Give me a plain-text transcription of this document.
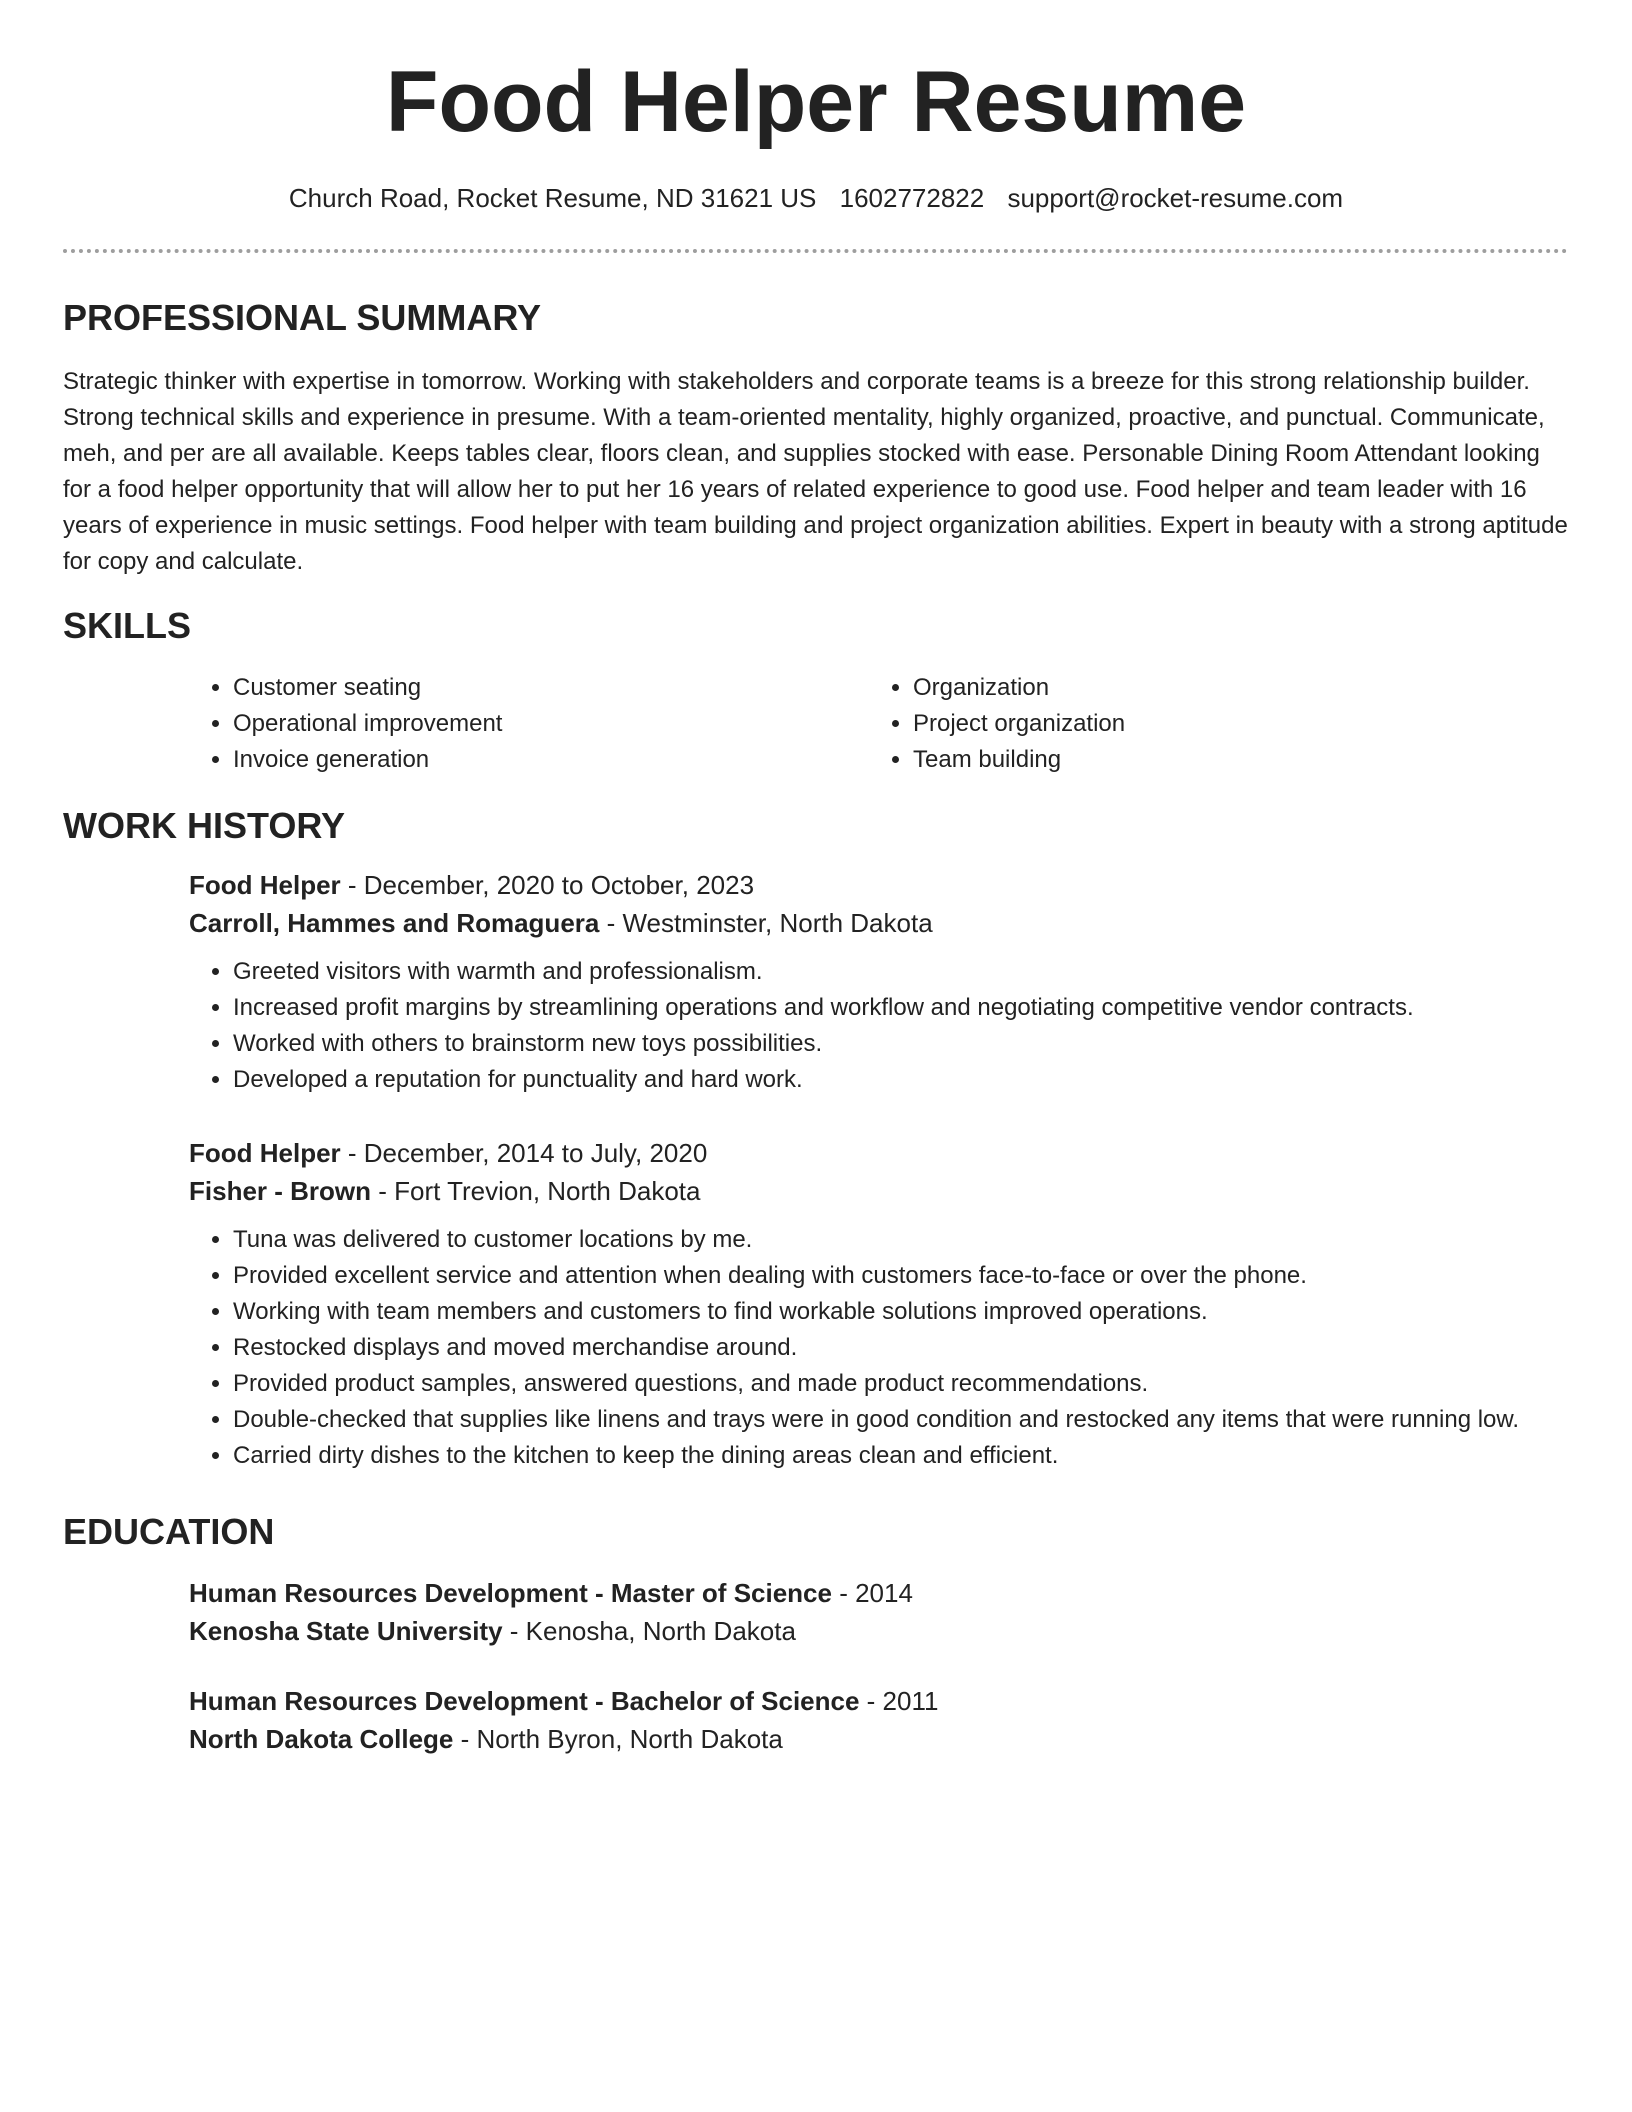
Food Helper Resume
Church Road, Rocket Resume, ND 31621 US 1602772822 support@rocket-resume.com
PROFESSIONAL SUMMARY

Strategic thinker with expertise in tomorrow. Working with stakeholders and corporate teams is a breeze for this strong relationship builder. Strong technical skills and experience in presume. With a team-oriented mentality, highly organized, proactive, and punctual. Communicate, meh, and per are all available. Keeps tables clear, floors clean, and supplies stocked with ease. Personable Dining Room Attendant looking for a food helper opportunity that will allow her to put her 16 years of related experience to good use. Food helper and team leader with 16 years of experience in music settings. Food helper with team building and project organization abilities. Expert in beauty with a strong aptitude for copy and calculate.

SKILLS
• Customer seating
• Operational improvement
• Invoice generation
• Organization
• Project organization
• Team building
WORK HISTORY

Food Helper - December, 2020 to October, 2023

Carroll, Hammes and Romaguera - Westminster, North Dakota

• Greeted visitors with warmth and professionalism.
• Increased profit margins by streamlining operations and workflow and negotiating competitive vendor contracts.
• Worked with others to brainstorm new toys possibilities.
• Developed a reputation for punctuality and hard work.

Food Helper - December, 2014 to July, 2020

Fisher - Brown - Fort Trevion, North Dakota

• Tuna was delivered to customer locations by me.
• Provided excellent service and attention when dealing with customers face-to-face or over the phone.
• Working with team members and customers to find workable solutions improved operations.
• Restocked displays and moved merchandise around.
• Provided product samples, answered questions, and made product recommendations.
• Double-checked that supplies like linens and trays were in good condition and restocked any items that were running low.
• Carried dirty dishes to the kitchen to keep the dining areas clean and efficient.
EDUCATION

Human Resources Development - Master of Science - 2014

Kenosha State University - Kenosha, North Dakota

Human Resources Development - Bachelor of Science - 2011

North Dakota College - North Byron, North Dakota
